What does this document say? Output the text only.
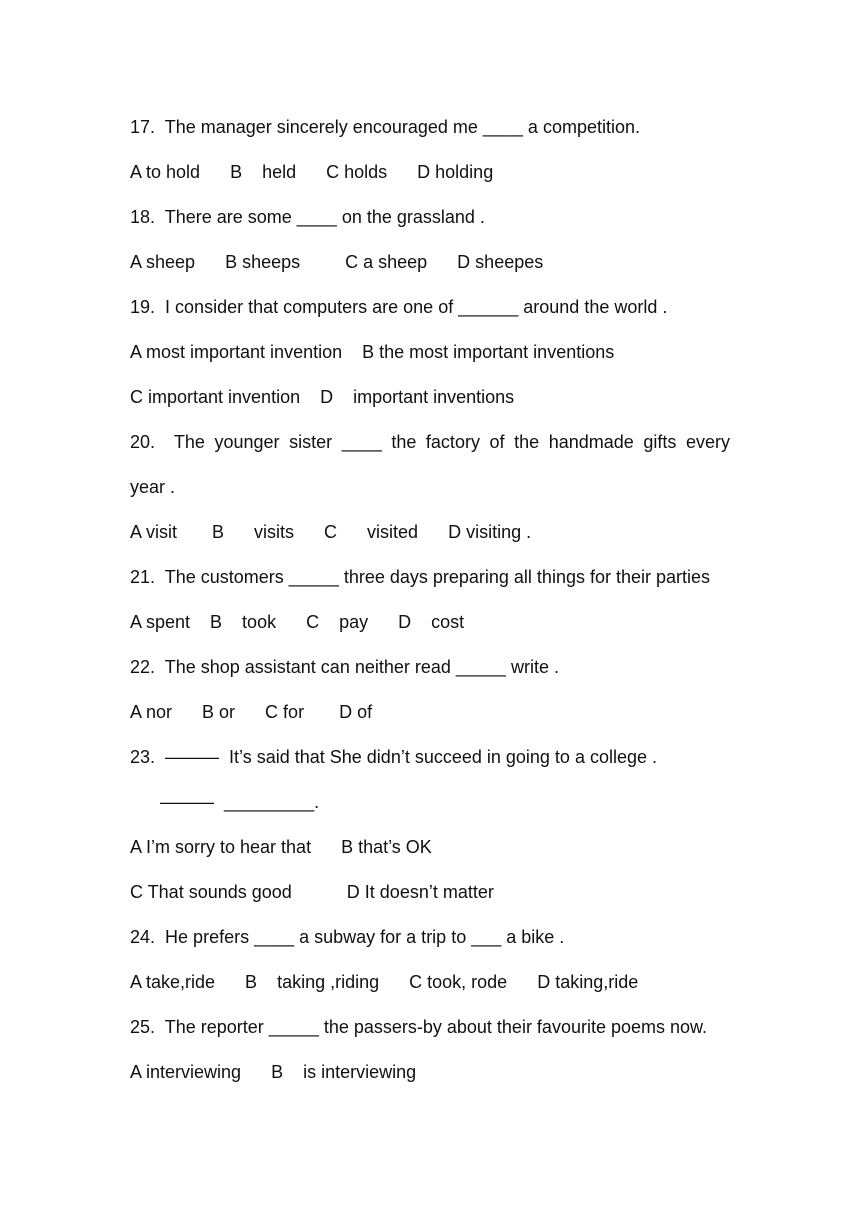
17. The manager sincerely encouraged me ____ a competition.
A to hold      B    held      C holds      D holding
18. There are some ____ on the grassland .
A sheep      B sheeps         C a sheep      D sheepes
19. I consider that computers are one of ______ around the world .
A most important invention    B the most important inventions
C important invention    D    important inventions
20. The younger sister ____ the factory of the handmade gifts every
year .
A visit       B      visits      C      visited      D visiting .
21. The customers _____ three days preparing all things for their parties
A spent    B    took      C    pay      D    cost
22. The shop assistant can neither read _____ write .
A nor      B or      C for       D of
23. ———  It’s said that She didn’t succeed in going to a college .
———  _________.
A I’m sorry to hear that      B that’s OK
C That sounds good           D It doesn’t matter
24. He prefers ____ a subway for a trip to ___ a bike .
A take,ride      B    taking ,riding      C took, rode      D taking,ride
25. The reporter _____ the passers-by about their favourite poems now.
A interviewing      B    is interviewing
